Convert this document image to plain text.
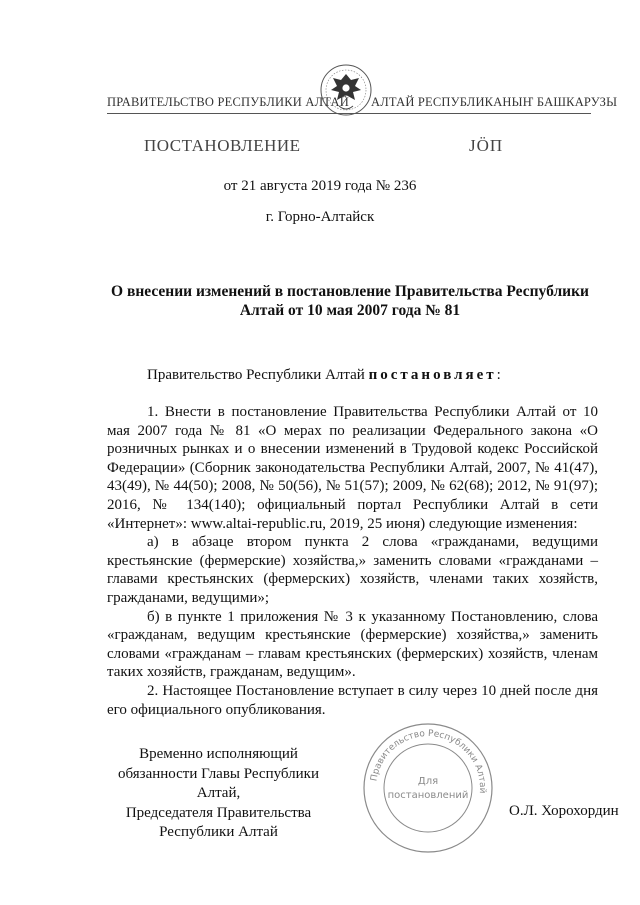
ПРАВИТЕЛЬСТВО РЕСПУБЛИКИ АЛТАЙ АЛТАЙ РЕСПУБЛИКАНЫҤ БАШКАРУЗЫ
ПОСТАНОВЛЕНИЕ	ЈÖП
от 21 августа 2019 года № 236
г. Горно-Алтайск
О внесении изменений в постановление Правительства Республики
Алтай от 10 мая 2007 года № 81

Правительство Республики Алтай постановляет:

1. Внести в постановление Правительства Республики Алтай от 10 мая 2007 года № 81 «О мерах по реализации Федерального закона «О розничных рынках и о внесении изменений в Трудовой кодекс Российской Федерации» (Сборник законодательства Республики Алтай, 2007, № 41(47), 43(49), № 44(50); 2008, № 50(56), № 51(57); 2009, № 62(68); 2012, № 91(97); 2016, № 134(140); официальный портал Республики Алтай в сети «Интернет»: www.altai-republic.ru, 2019, 25 июня) следующие изменения:

а) в абзаце втором пункта 2 слова «гражданами, ведущими крестьянские (фермерские) хозяйства,» заменить словами «гражданами – главами крестьянских (фермерских) хозяйств, членами таких хозяйств, гражданами, ведущими»;

б) в пункте 1 приложения № 3 к указанному Постановлению, слова «гражданам, ведущим крестьянские (фермерские) хозяйства,» заменить словами «гражданам – главам крестьянских (фермерских) хозяйств, членам таких хозяйств, гражданам, ведущим».

2. Настоящее Постановление вступает в силу через 10 дней после дня его официального опубликования.

Временно исполняющий
обязанности Главы Республики Алтай,
Председателя Правительства
Республики Алтай
Правительство Республики Алтай
Для
постановлений
О.Л. Хорохордин
